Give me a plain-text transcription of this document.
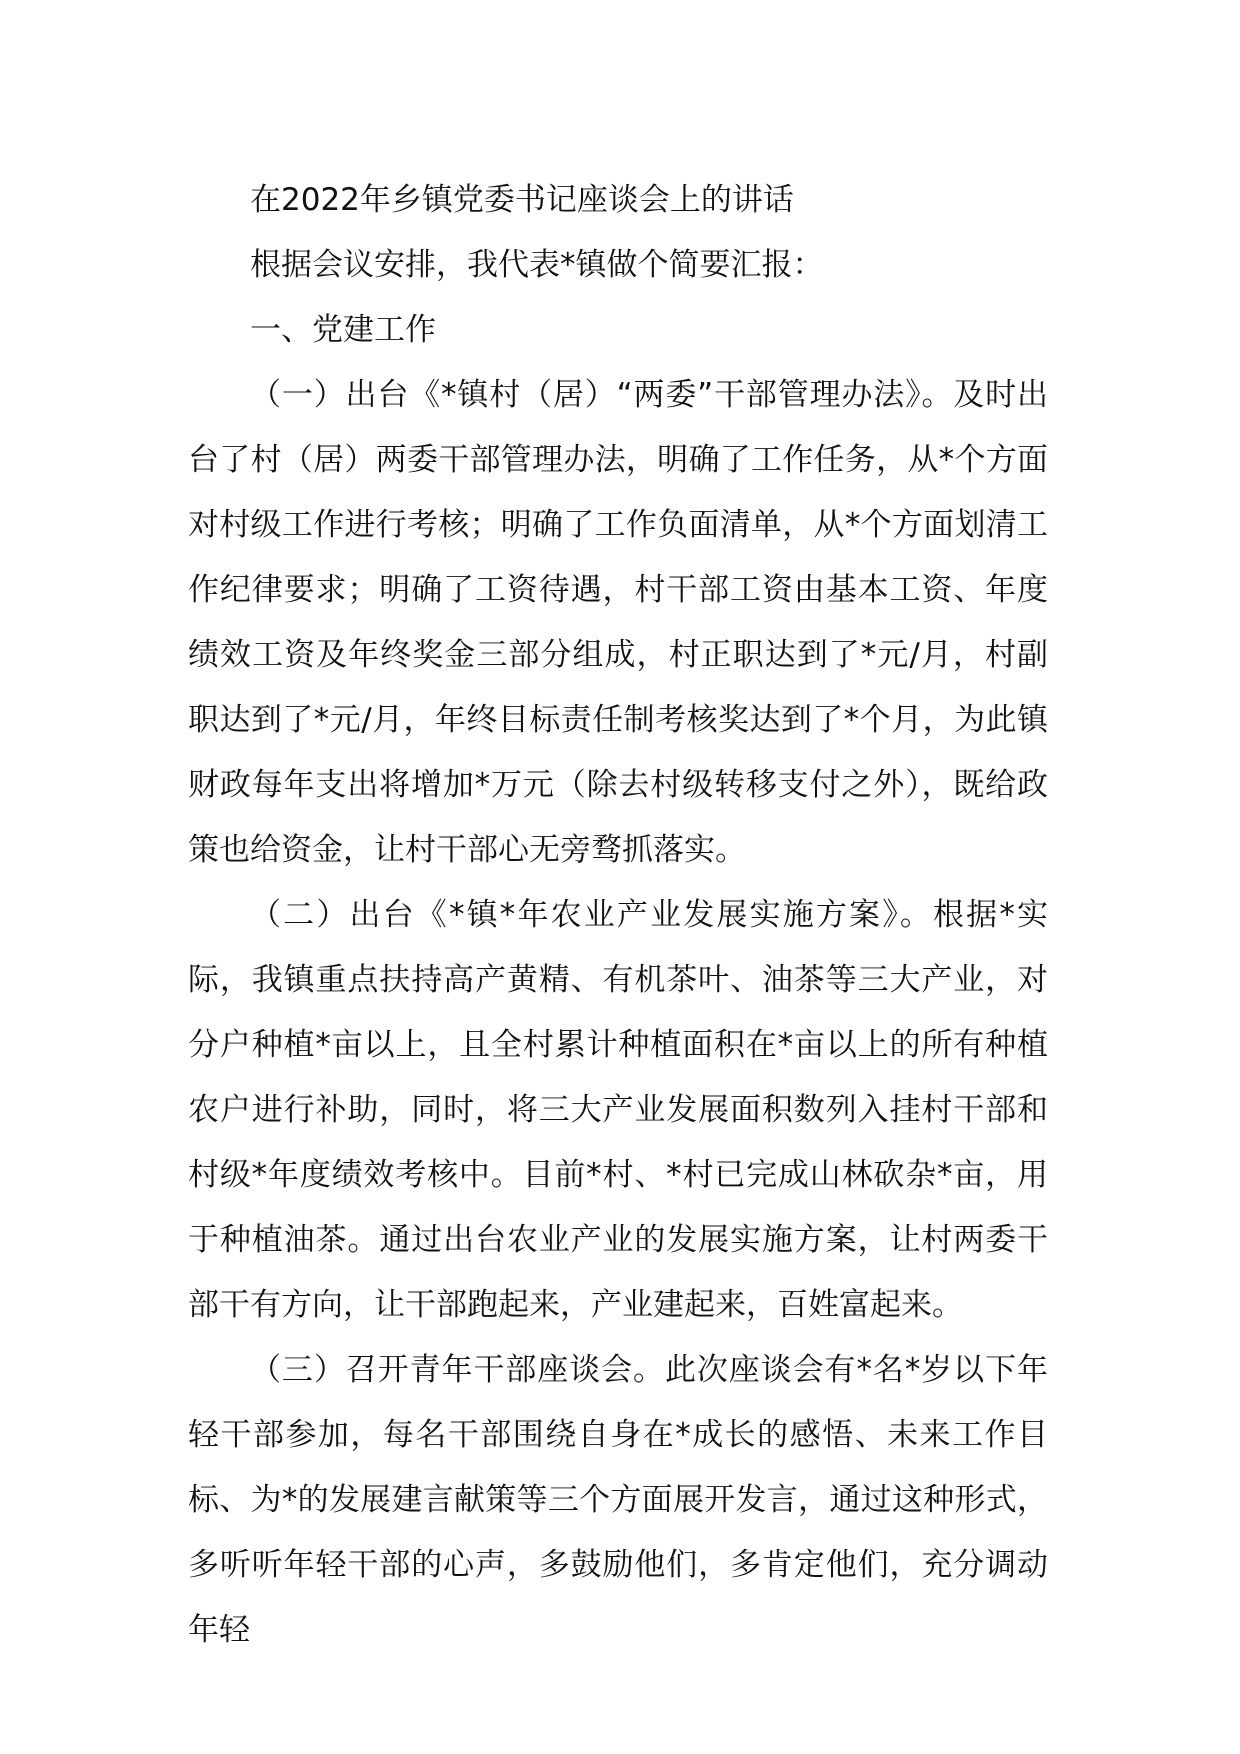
在2022年乡镇党委书记座谈会上的讲话
根据会议安排，我代表*镇做个简要汇报：
一、党建工作

（一）出台《*镇村（居）“两委”干部管理办法》。及时出台了村（居）两委干部管理办法，明确了工作任务，从*个方面对村级工作进行考核；明确了工作负面清单，从*个方面划清工作纪律要求；明确了工资待遇，村干部工资由基本工资、年度绩效工资及年终奖金三部分组成，村正职达到了*元/月，村副职达到了*元/月，年终目标责任制考核奖达到了*个月，为此镇财政每年支出将增加*万元（除去村级转移支付之外），既给政策也给资金，让村干部心无旁骛抓落实。

（二）出台《*镇*年农业产业发展实施方案》。根据*实际，我镇重点扶持高产黄精、有机茶叶、油茶等三大产业，对分户种植*亩以上，且全村累计种植面积在*亩以上的所有种植农户进行补助，同时，将三大产业发展面积数列入挂村干部和村级*年度绩效考核中。目前*村、*村已完成山林砍杂*亩，用于种植油茶。通过出台农业产业的发展实施方案，让村两委干部干有方向，让干部跑起来，产业建起来，百姓富起来。

（三）召开青年干部座谈会。此次座谈会有*名*岁以下年轻干部参加，每名干部围绕自身在*成长的感悟、未来工作目标、为*的发展建言献策等三个方面展开发言，通过这种形式，多听听年轻干部的心声，多鼓励他们，多肯定他们，充分调动年轻
